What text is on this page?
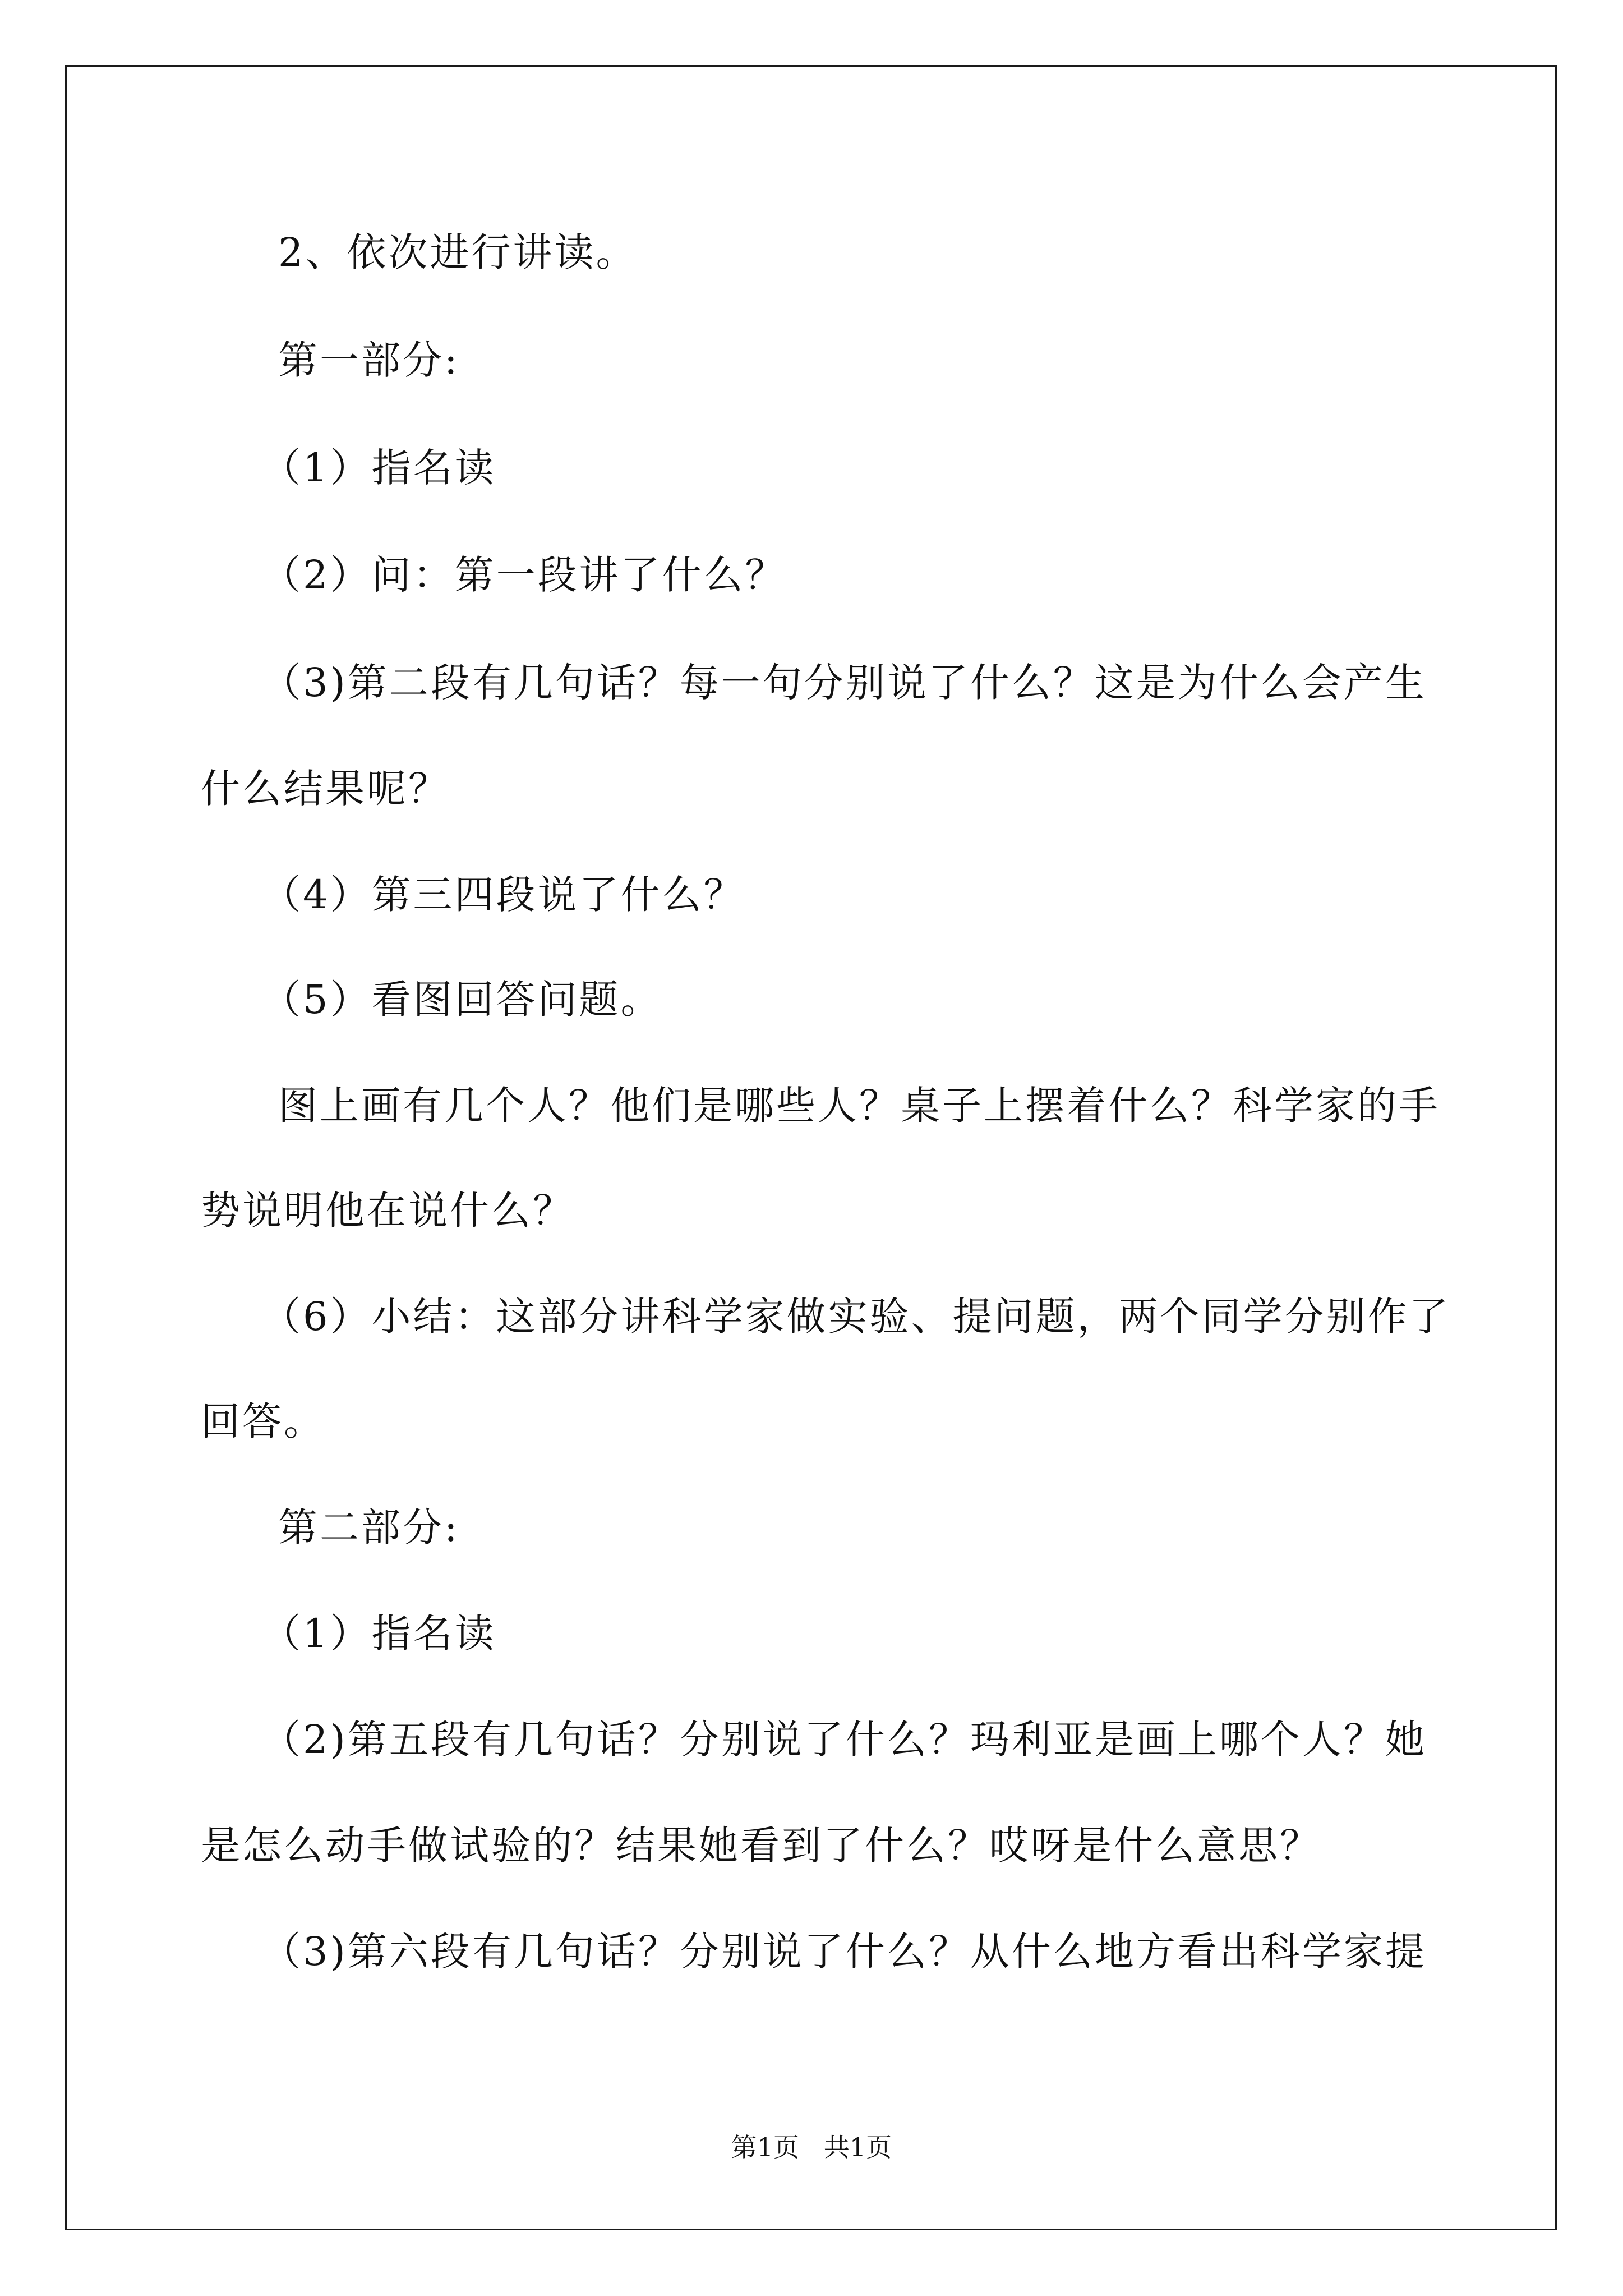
2、依次进行讲读。
第一部分:
（1）指名读
（2）问：第一段讲了什么？
（3)第二段有几句话？每一句分别说了什么？这是为什么会产生
什么结果呢？
（4）第三四段说了什么？
（5）看图回答问题。
图上画有几个人？他们是哪些人？桌子上摆着什么？科学家的手
势说明他在说什么？
（6）小结：这部分讲科学家做实验、提问题，两个同学分别作了
回答。
第二部分:
（1）指名读
（2)第五段有几句话？分别说了什么？玛利亚是画上哪个人？她
是怎么动手做试验的？结果她看到了什么？哎呀是什么意思？
（3)第六段有几句话？分别说了什么？从什么地方看出科学家提
第1页   共1页
